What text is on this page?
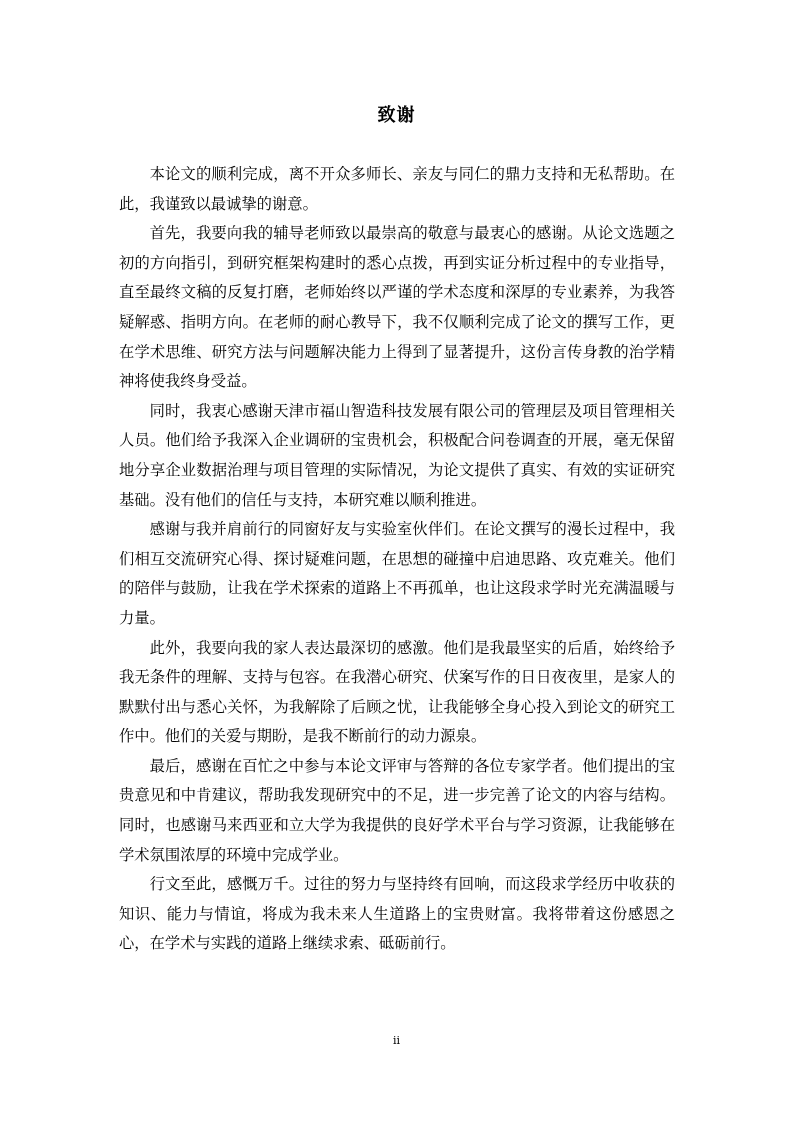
致谢

本论文的顺利完成，离不开众多师长、亲友与同仁的鼎力支持和无私帮助。在此，我谨致以最诚挚的谢意。

首先，我要向我的辅导老师致以最崇高的敬意与最衷心的感谢。从论文选题之初的方向指引，到研究框架构建时的悉心点拨，再到实证分析过程中的专业指导，直至最终文稿的反复打磨，老师始终以严谨的学术态度和深厚的专业素养，为我答疑解惑、指明方向。在老师的耐心教导下，我不仅顺利完成了论文的撰写工作，更在学术思维、研究方法与问题解决能力上得到了显著提升，这份言传身教的治学精神将使我终身受益。

同时，我衷心感谢天津市福山智造科技发展有限公司的管理层及项目管理相关人员。他们给予我深入企业调研的宝贵机会，积极配合问卷调查的开展，毫无保留地分享企业数据治理与项目管理的实际情况，为论文提供了真实、有效的实证研究基础。没有他们的信任与支持，本研究难以顺利推进。

感谢与我并肩前行的同窗好友与实验室伙伴们。在论文撰写的漫长过程中，我们相互交流研究心得、探讨疑难问题，在思想的碰撞中启迪思路、攻克难关。他们的陪伴与鼓励，让我在学术探索的道路上不再孤单，也让这段求学时光充满温暖与力量。

此外，我要向我的家人表达最深切的感激。他们是我最坚实的后盾，始终给予我无条件的理解、支持与包容。在我潜心研究、伏案写作的日日夜夜里，是家人的默默付出与悉心关怀，为我解除了后顾之忧，让我能够全身心投入到论文的研究工作中。他们的关爱与期盼，是我不断前行的动力源泉。

最后，感谢在百忙之中参与本论文评审与答辩的各位专家学者。他们提出的宝贵意见和中肯建议，帮助我发现研究中的不足，进一步完善了论文的内容与结构。同时，也感谢马来西亚和立大学为我提供的良好学术平台与学习资源，让我能够在学术氛围浓厚的环境中完成学业。

行文至此，感慨万千。过往的努力与坚持终有回响，而这段求学经历中收获的知识、能力与情谊，将成为我未来人生道路上的宝贵财富。我将带着这份感恩之心，在学术与实践的道路上继续求索、砥砺前行。

ii
